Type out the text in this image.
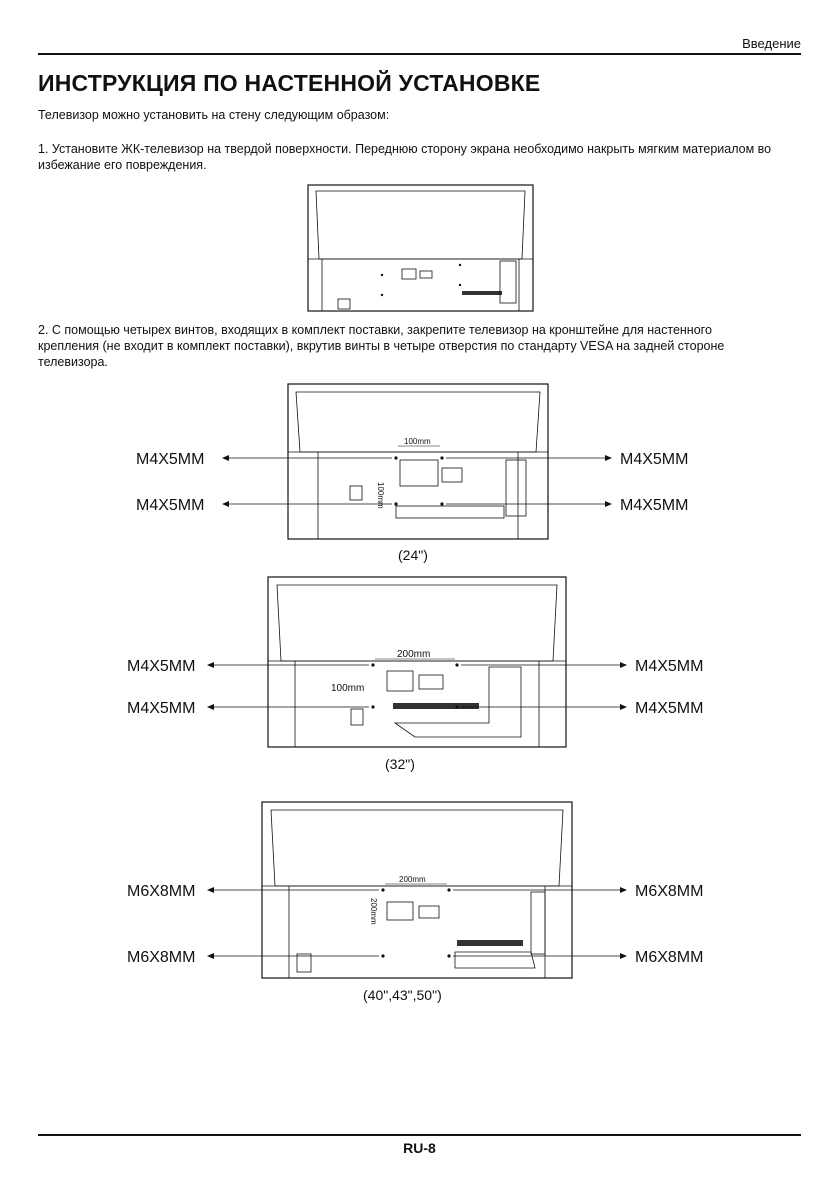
Введение
ИНСТРУКЦИЯ ПО НАСТЕННОЙ УСТАНОВКЕ

Телевизор можно установить на стену следующим образом:

1. Установите ЖК-телевизор на твердой поверхности. Переднюю сторону экрана необходимо накрыть мягким материалом во избежание его повреждения.

2. С помощью четырех винтов, входящих в комплект поставки, закрепите телевизор на кронштейне для настенного крепления (не входит в комплект поставки), вкрутив винты в четыре отверстия по стандарту VESA на задней стороне телевизора.

100mm
100mm
M4X5MM	M4X5MM
M4X5MM	M4X5MM
(24")
200mm
100mm
M4X5MM	M4X5MM
M4X5MM	M4X5MM
(32")
200mm
200mm
M6X8MM	M6X8MM
M6X8MM	M6X8MM
(40",43",50")
RU-8
